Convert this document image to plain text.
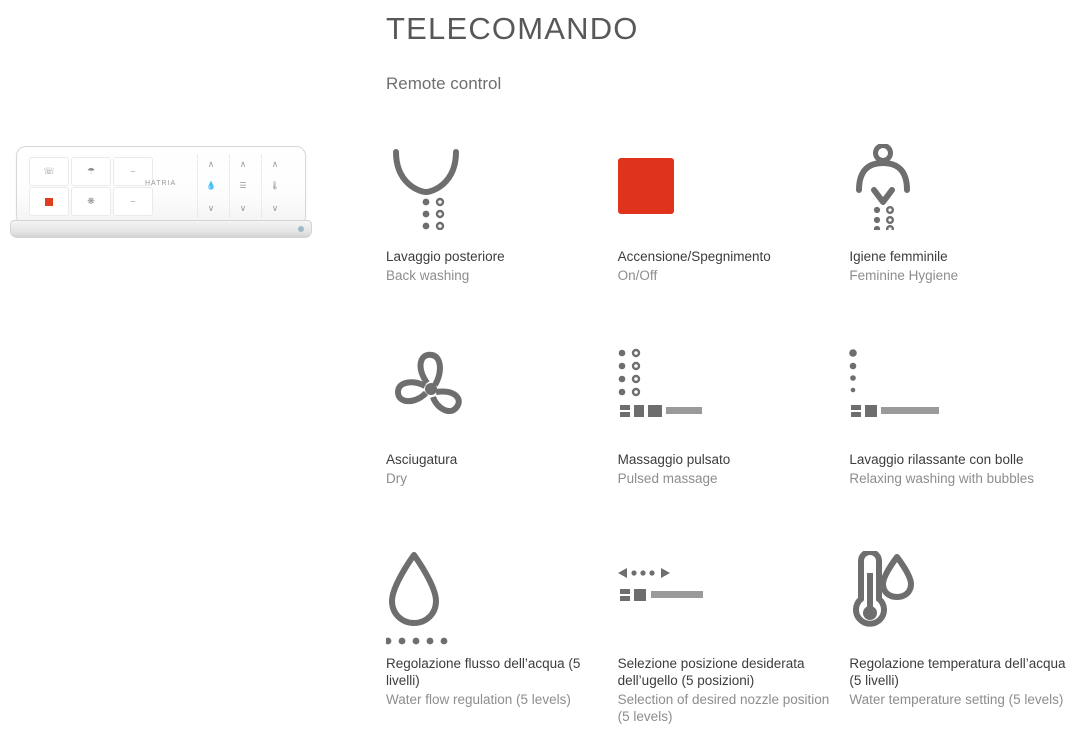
☏	☂	⎯
❋	⎯
HATRIA
∧
💧
∨
∧
☰
∨
∧
🌡
∨
TELECOMANDO
Remote control
Lavaggio posteriore
Back washing
Accensione/Spegnimento
On/Off
Igiene femminile
Feminine Hygiene
Asciugatura
Dry
Massaggio pulsato
Pulsed massage
Lavaggio rilassante con bolle
Relaxing washing with bubbles
Regolazione flusso dell’acqua (5 livelli)
Water flow regulation (5 levels)
Selezione posizione desiderata dell’ugello (5 posizioni)
Selection of desired nozzle position (5 levels)
Regolazione temperatura dell’acqua (5 livelli)
Water temperature setting (5 levels)
